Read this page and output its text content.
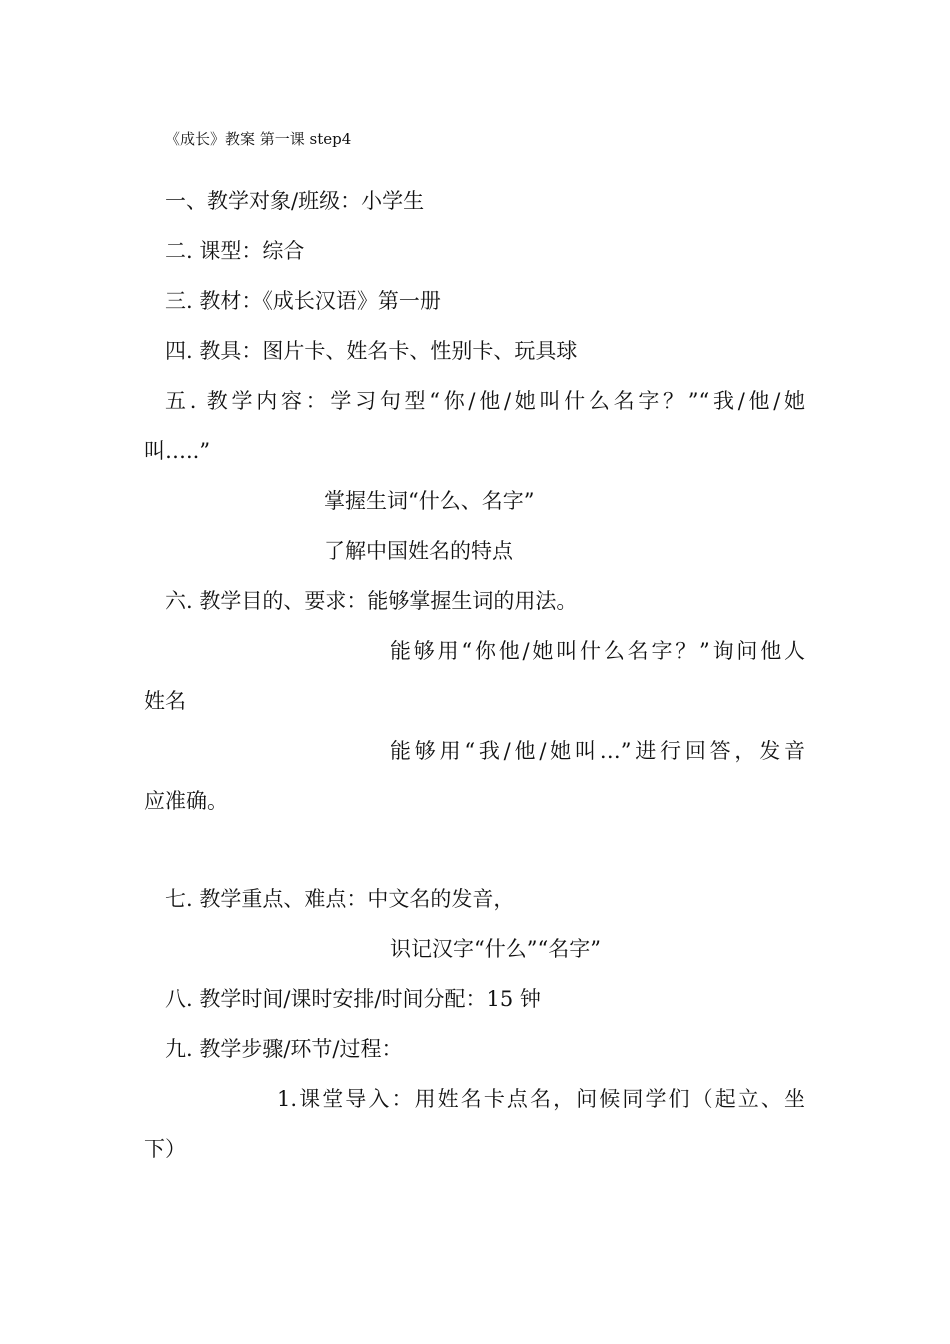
《成长》教案 第一课 step4
一、教学对象/班级：小学生
二. 课型：综合
三. 教材：《成长汉语》第一册
四. 教具：图片卡、姓名卡、性别卡、玩具球
五. 教学内容：学习句型“你/他/她叫什么名字？”“我/他/她
叫…..”
掌握生词“什么、名字”
了解中国姓名的特点
六. 教学目的、要求：能够掌握生词的用法。
能够用“你他/她叫什么名字？”询问他人
姓名
能够用“我/他/她叫…”进行回答，发音
应准确。
七. 教学重点、难点：中文名的发音，
识记汉字“什么”“名字”
八. 教学时间/课时安排/时间分配：15 钟
九. 教学步骤/环节/过程：
1.课堂导入：用姓名卡点名，问候同学们（起立、坐
下）
